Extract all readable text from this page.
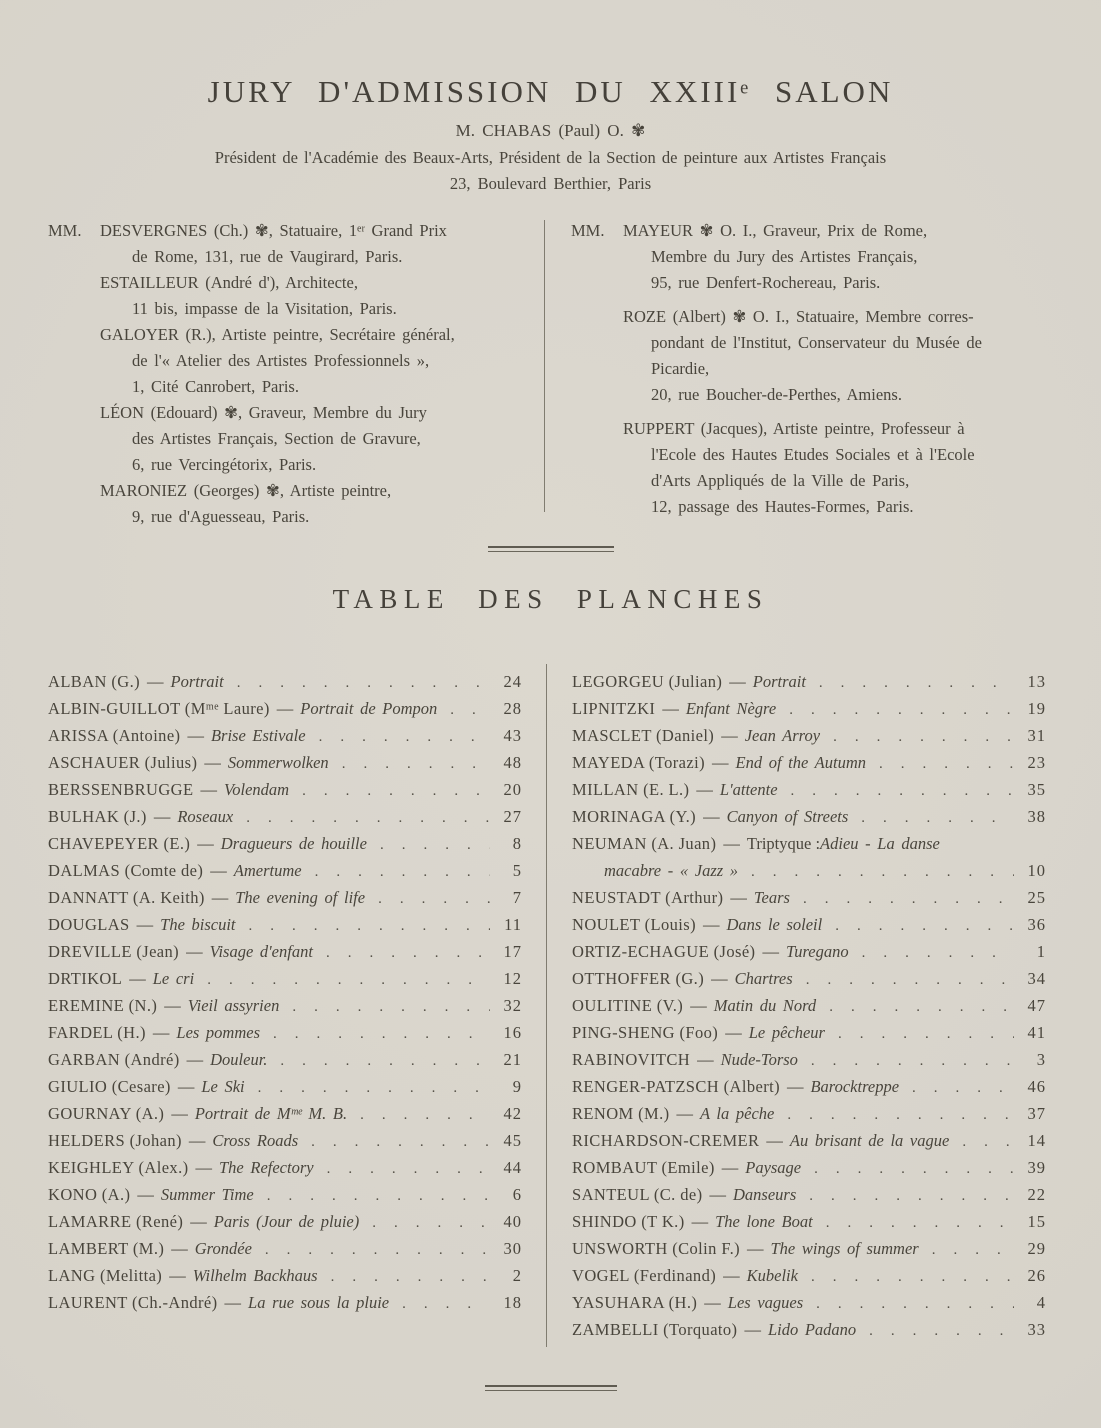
JURY D'ADMISSION DU XXIIIᵉ SALON
M. CHABAS (Paul) O. ✾
Président de l'Académie des Beaux-Arts, Président de la Section de peinture aux Artistes Français
23, Boulevard Berthier, Paris
MM.	DESVERGNES (Ch.) ✾, Statuaire, 1ᵉʳ Grand Prix
de Rome, 131, rue de Vaugirard, Paris.
ESTAILLEUR (André d'), Architecte,
11 bis, impasse de la Visitation, Paris.
GALOYER (R.), Artiste peintre, Secrétaire général,
de l'« Atelier des Artistes Professionnels »,
1, Cité Canrobert, Paris.
LÉON (Edouard) ✾, Graveur, Membre du Jury
des Artistes Français, Section de Gravure,
6, rue Vercingétorix, Paris.
MARONIEZ (Georges) ✾, Artiste peintre,
9, rue d'Aguesseau, Paris.
MM.	MAYEUR ✾ O. I., Graveur, Prix de Rome,
Membre du Jury des Artistes Français,
95, rue Denfert-Rochereau, Paris.
ROZE (Albert) ✾ O. I., Statuaire, Membre corres-
pondant de l'Institut, Conservateur du Musée de
Picardie,
20, rue Boucher-de-Perthes, Amiens.
RUPPERT (Jacques), Artiste peintre, Professeur à
l'Ecole des Hautes Etudes Sociales et à l'Ecole
d'Arts Appliqués de la Ville de Paris,
12, passage des Hautes-Formes, Paris.
TABLE DES PLANCHES
ALBAN (G.) — Portrait .....	24
ALBIN-GUILLOT (Mᵐᵉ Laure) — Portrait de Pompon .....	28
ARISSA (Antoine) — Brise Estivale .....	43
ASCHAUER (Julius) — Sommerwolken .....	48
BERSSENBRUGGE — Volendam .....	20
BULHAK (J.) — Roseaux .....	27
CHAVEPEYER (E.) — Dragueurs de houille .....	8
DALMAS (Comte de) — Amertume .....	5
DANNATT (A. Keith) — The evening of life .....	7
DOUGLAS — The biscuit .....	11
DREVILLE (Jean) — Visage d'enfant .....	17
DRTIKOL — Le cri .....	12
EREMINE (N.) — Vieil assyrien .....	32
FARDEL (H.) — Les pommes .....	16
GARBAN (André) — Douleur. .....	21
GIULIO (Cesare) — Le Ski .....	9
GOURNAY (A.) — Portrait de Mᵐᵉ M. B. .....	42
HELDERS (Johan) — Cross Roads .....	45
KEIGHLEY (Alex.) — The Refectory .....	44
KONO (A.) — Summer Time .....	6
LAMARRE (René) — Paris (Jour de pluie) .....	40
LAMBERT (M.) — Grondée .....	30
LANG (Melitta) — Wilhelm Backhaus .....	2
LAURENT (Ch.-André) — La rue sous la pluie .....	18
LEGORGEU (Julian) — Portrait .....	13
LIPNITZKI — Enfant Nègre .....	19
MASCLET (Daniel) — Jean Arroy .....	31
MAYEDA (Torazi) — End of the Autumn .....	23
MILLAN (E. L.) — L'attente .....	35
MORINAGA (Y.) — Canyon of Streets .....	38
NEUMAN (A. Juan) — Triptyque : Adieu - La danse
macabre - « Jazz » .....	10
NEUSTADT (Arthur) — Tears .....	25
NOULET (Louis) — Dans le soleil .....	36
ORTIZ-ECHAGUE (José) — Turegano .....	1
OTTHOFFER (G.) — Chartres .....	34
OULITINE (V.) — Matin du Nord .....	47
PING-SHENG (Foo) — Le pêcheur .....	41
RABINOVITCH — Nude-Torso .....	3
RENGER-PATZSCH (Albert) — Barocktreppe .....	46
RENOM (M.) — A la pêche .....	37
RICHARDSON-CREMER — Au brisant de la vague .....	14
ROMBAUT (Emile) — Paysage .....	39
SANTEUL (C. de) — Danseurs .....	22
SHINDO (T K.) — The lone Boat .....	15
UNSWORTH (Colin F.) — The wings of summer .....	29
VOGEL (Ferdinand) — Kubelik .....	26
YASUHARA (H.) — Les vagues .....	4
ZAMBELLI (Torquato) — Lido Padano .....	33
